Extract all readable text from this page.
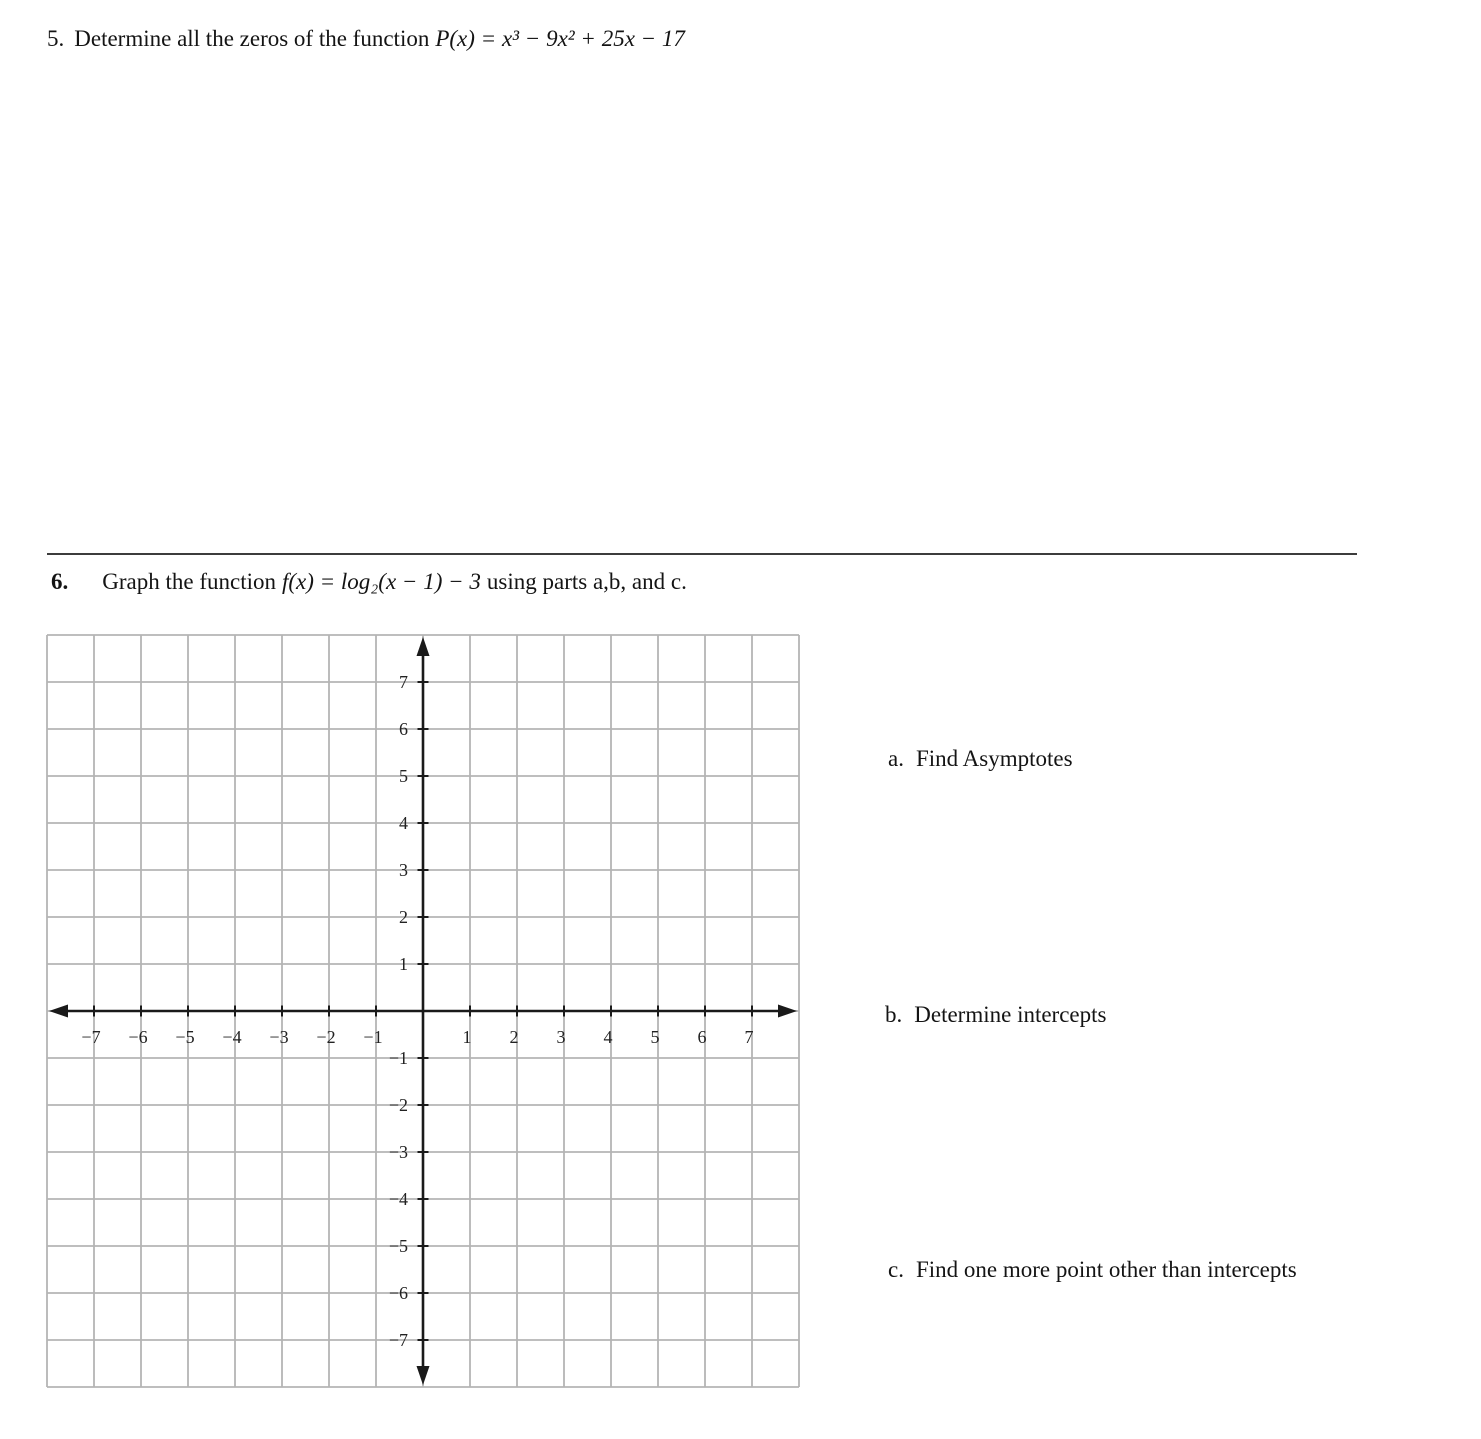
5. Determine all the zeros of the function P(x) = x³ − 9x² + 25x − 17
6. Graph the function f(x) = log₂(x − 1) − 3 using parts a,b, and c.
−7 −6 −5 −4 −3 −2 −1	1 2 3 4 5 6 7
−7
−6
−5
−4
−3
−2
−1
1
2
3
4
5
6
7
a. Find Asymptotes
b. Determine intercepts
c. Find one more point other than intercepts
